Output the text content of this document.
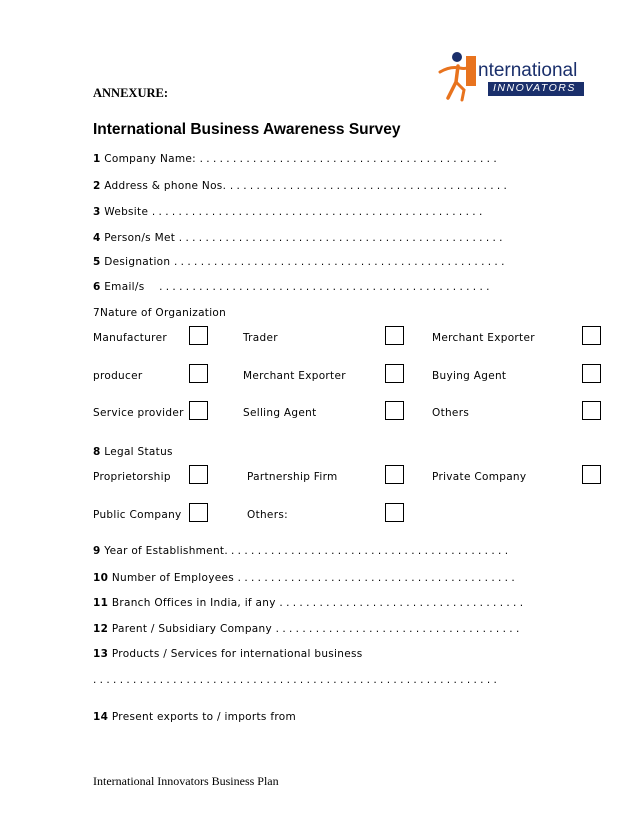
nternational
INNOVATORS
ANNEXURE:
International Business Awareness Survey
1 Company Name: . . . . . . . . . . . . . . . . . . . . . . . . . . . . . . . . . . . . . . . . . . . . .
2 Address & phone Nos. . . . . . . . . . . . . . . . . . . . . . . . . . . . . . . . . . . . . . . . . . .
3 Website . . . . . . . . . . . . . . . . . . . . . . . . . . . . . . . . . . . . . . . . . . . . . . . . . .
4 Person/s Met . . . . . . . . . . . . . . . . . . . . . . . . . . . . . . . . . . . . . . . . . . . . . . . . .
5 Designation . . . . . . . . . . . . . . . . . . . . . . . . . . . . . . . . . . . . . . . . . . . . . . . . . .
6 Email/s . . . . . . . . . . . . . . . . . . . . . . . . . . . . . . . . . . . . . . . . . . . . . . . . . .
7Nature of Organization
Manufacturer	Trader	Merchant Exporter
producer	Merchant Exporter	Buying Agent
Service provider	Selling Agent	Others
8 Legal Status
Proprietorship	Partnership Firm	Private Company
Public Company	Others:
9 Year of Establishment. . . . . . . . . . . . . . . . . . . . . . . . . . . . . . . . . . . . . . . . . . .
10 Number of Employees . . . . . . . . . . . . . . . . . . . . . . . . . . . . . . . . . . . . . . . . . .
11 Branch Offices in India, if any . . . . . . . . . . . . . . . . . . . . . . . . . . . . . . . . . . . . .
12 Parent / Subsidiary Company . . . . . . . . . . . . . . . . . . . . . . . . . . . . . . . . . . . . .
13 Products / Services for international business
. . . . . . . . . . . . . . . . . . . . . . . . . . . . . . . . . . . . . . . . . . . . . . . . . . . . . . . . . . . . .
14 Present exports to / imports from
International Innovators Business Plan
